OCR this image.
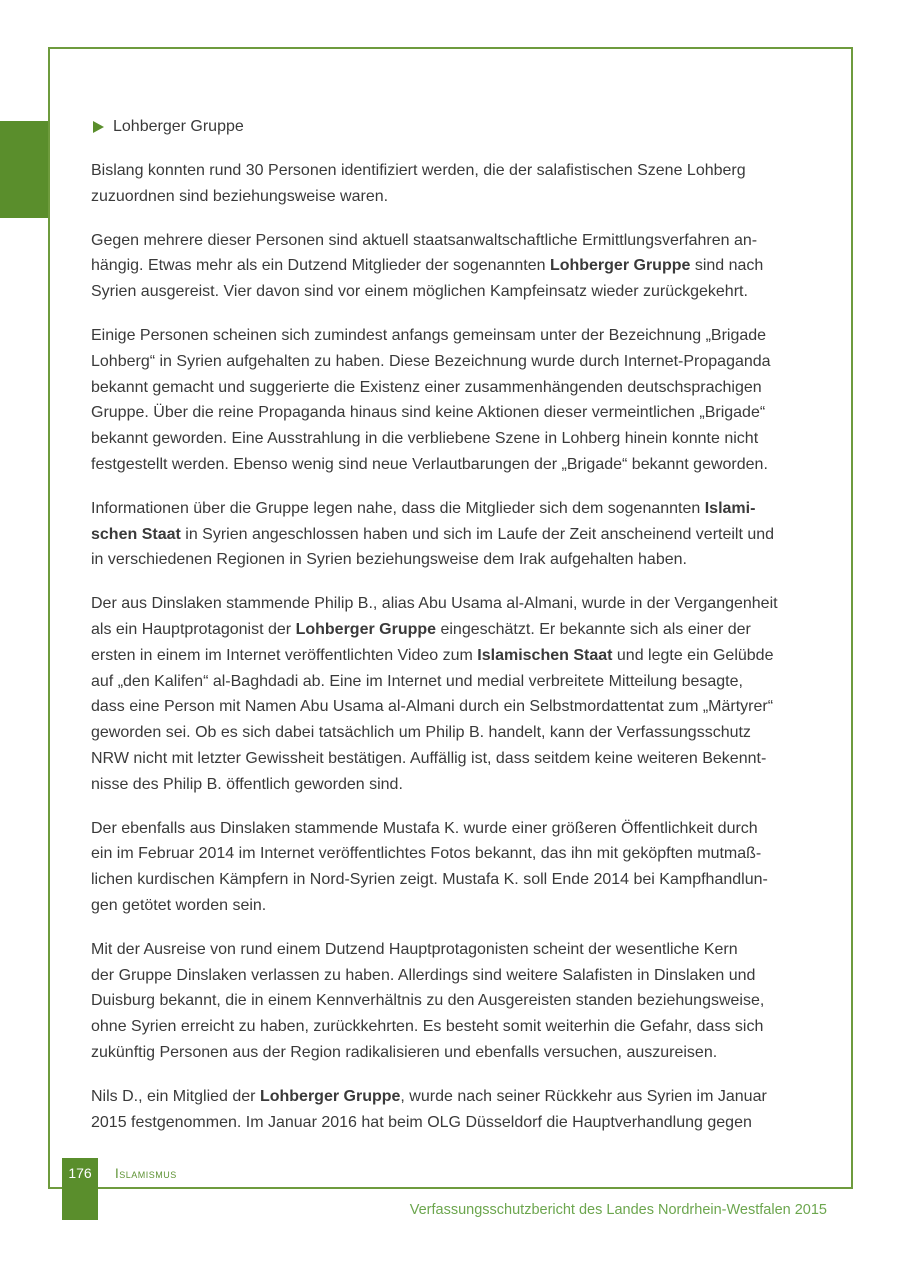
Lohberger Gruppe

Bislang konnten rund 30 Personen identifiziert werden, die der salafistischen Szene Lohberg
zuzuordnen sind beziehungsweise waren.

Gegen mehrere dieser Personen sind aktuell staatsanwaltschaftliche Ermittlungsverfahren an-
hängig. Etwas mehr als ein Dutzend Mitglieder der sogenannten Lohberger Gruppe sind nach
Syrien ausgereist. Vier davon sind vor einem möglichen Kampfeinsatz wieder zurückgekehrt.

Einige Personen scheinen sich zumindest anfangs gemeinsam unter der Bezeichnung „Brigade
Lohberg“ in Syrien aufgehalten zu haben. Diese Bezeichnung wurde durch Internet-Propaganda
bekannt gemacht und suggerierte die Existenz einer zusammenhängenden deutschsprachigen
Gruppe. Über die reine Propaganda hinaus sind keine Aktionen dieser vermeintlichen „Brigade“
bekannt geworden. Eine Ausstrahlung in die verbliebene Szene in Lohberg hinein konnte nicht
festgestellt werden. Ebenso wenig sind neue Verlautbarungen der „Brigade“ bekannt geworden.

Informationen über die Gruppe legen nahe, dass die Mitglieder sich dem sogenannten Islami-
schen Staat in Syrien angeschlossen haben und sich im Laufe der Zeit anscheinend verteilt und
in verschiedenen Regionen in Syrien beziehungsweise dem Irak aufgehalten haben.

Der aus Dinslaken stammende Philip B., alias Abu Usama al-Almani, wurde in der Vergangenheit
als ein Hauptprotagonist der Lohberger Gruppe eingeschätzt. Er bekannte sich als einer der
ersten in einem im Internet veröffentlichten Video zum Islamischen Staat und legte ein Gelübde
auf „den Kalifen“ al-Baghdadi ab. Eine im Internet und medial verbreitete Mitteilung besagte,
dass eine Person mit Namen Abu Usama al-Almani durch ein Selbstmordattentat zum „Märtyrer“
geworden sei. Ob es sich dabei tatsächlich um Philip B. handelt, kann der Verfassungsschutz
NRW nicht mit letzter Gewissheit bestätigen. Auffällig ist, dass seitdem keine weiteren Bekennt-
nisse des Philip B. öffentlich geworden sind.

Der ebenfalls aus Dinslaken stammende Mustafa K. wurde einer größeren Öffentlichkeit durch
ein im Februar 2014 im Internet veröffentlichtes Fotos bekannt, das ihn mit geköpften mutmaß-
lichen kurdischen Kämpfern in Nord-Syrien zeigt. Mustafa K. soll Ende 2014 bei Kampfhandlun-
gen getötet worden sein.

Mit der Ausreise von rund einem Dutzend Hauptprotagonisten scheint der wesentliche Kern
der Gruppe Dinslaken verlassen zu haben. Allerdings sind weitere Salafisten in Dinslaken und
Duisburg bekannt, die in einem Kennverhältnis zu den Ausgereisten standen beziehungsweise,
ohne Syrien erreicht zu haben, zurückkehrten. Es besteht somit weiterhin die Gefahr, dass sich
zukünftig Personen aus der Region radikalisieren und ebenfalls versuchen, auszureisen.

Nils D., ein Mitglied der Lohberger Gruppe, wurde nach seiner Rückkehr aus Syrien im Januar
2015 festgenommen. Im Januar 2016 hat beim OLG Düsseldorf die Hauptverhandlung gegen

176	Islamismus
Verfassungsschutzbericht des Landes Nordrhein-Westfalen 2015
